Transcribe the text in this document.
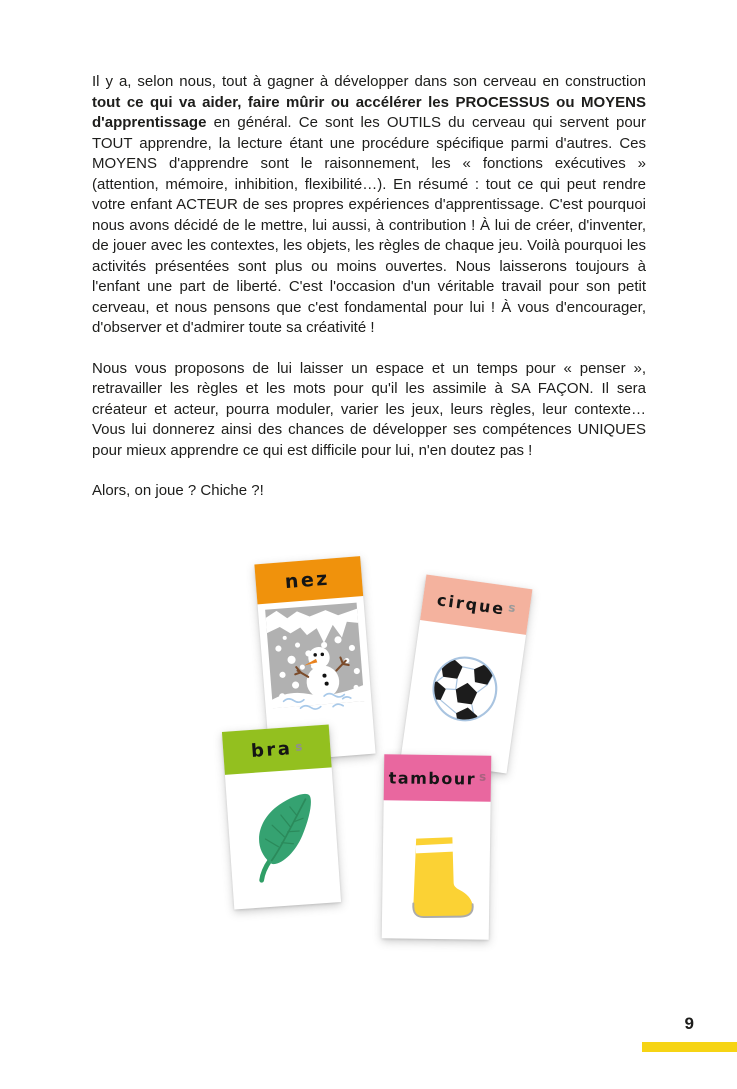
Il y a, selon nous, tout à gagner à développer dans son cerveau en construction tout ce qui va aider, faire mûrir ou accélérer les PROCESSUS ou MOYENS d'apprentissage en général. Ce sont les OUTILS du cerveau qui servent pour TOUT apprendre, la lecture étant une procédure spécifique parmi d'autres. Ces MOYENS d'apprendre sont le raisonnement, les « fonctions exécutives » (attention, mémoire, inhibition, flexibilité…). En résumé : tout ce qui peut rendre votre enfant ACTEUR de ses propres expériences d'apprentissage. C'est pourquoi nous avons décidé de le mettre, lui aussi, à contribution ! À lui de créer, d'inventer, de jouer avec les contextes, les objets, les règles de chaque jeu. Voilà pourquoi les activités présentées sont plus ou moins ouvertes. Nous laisserons toujours à l'enfant une part de liberté. C'est l'occasion d'un véritable travail pour son petit cerveau, et nous pensons que c'est fondamental pour lui ! À vous d'encourager, d'observer et d'admirer toute sa créativité !

Nous vous proposons de lui laisser un espace et un temps pour « penser », retravailler les règles et les mots pour qu'il les assimile à SA FAÇON. Il sera créateur et acteur, pourra moduler, varier les jeux, leurs règles, leur contexte… Vous lui donnerez ainsi des chances de développer ses compétences UNIQUES pour mieux apprendre ce qui est difficile pour lui, n'en doutez pas !

Alors, on joue ? Chiche ?!

nez
cirque s
bra s
tambour s
9
